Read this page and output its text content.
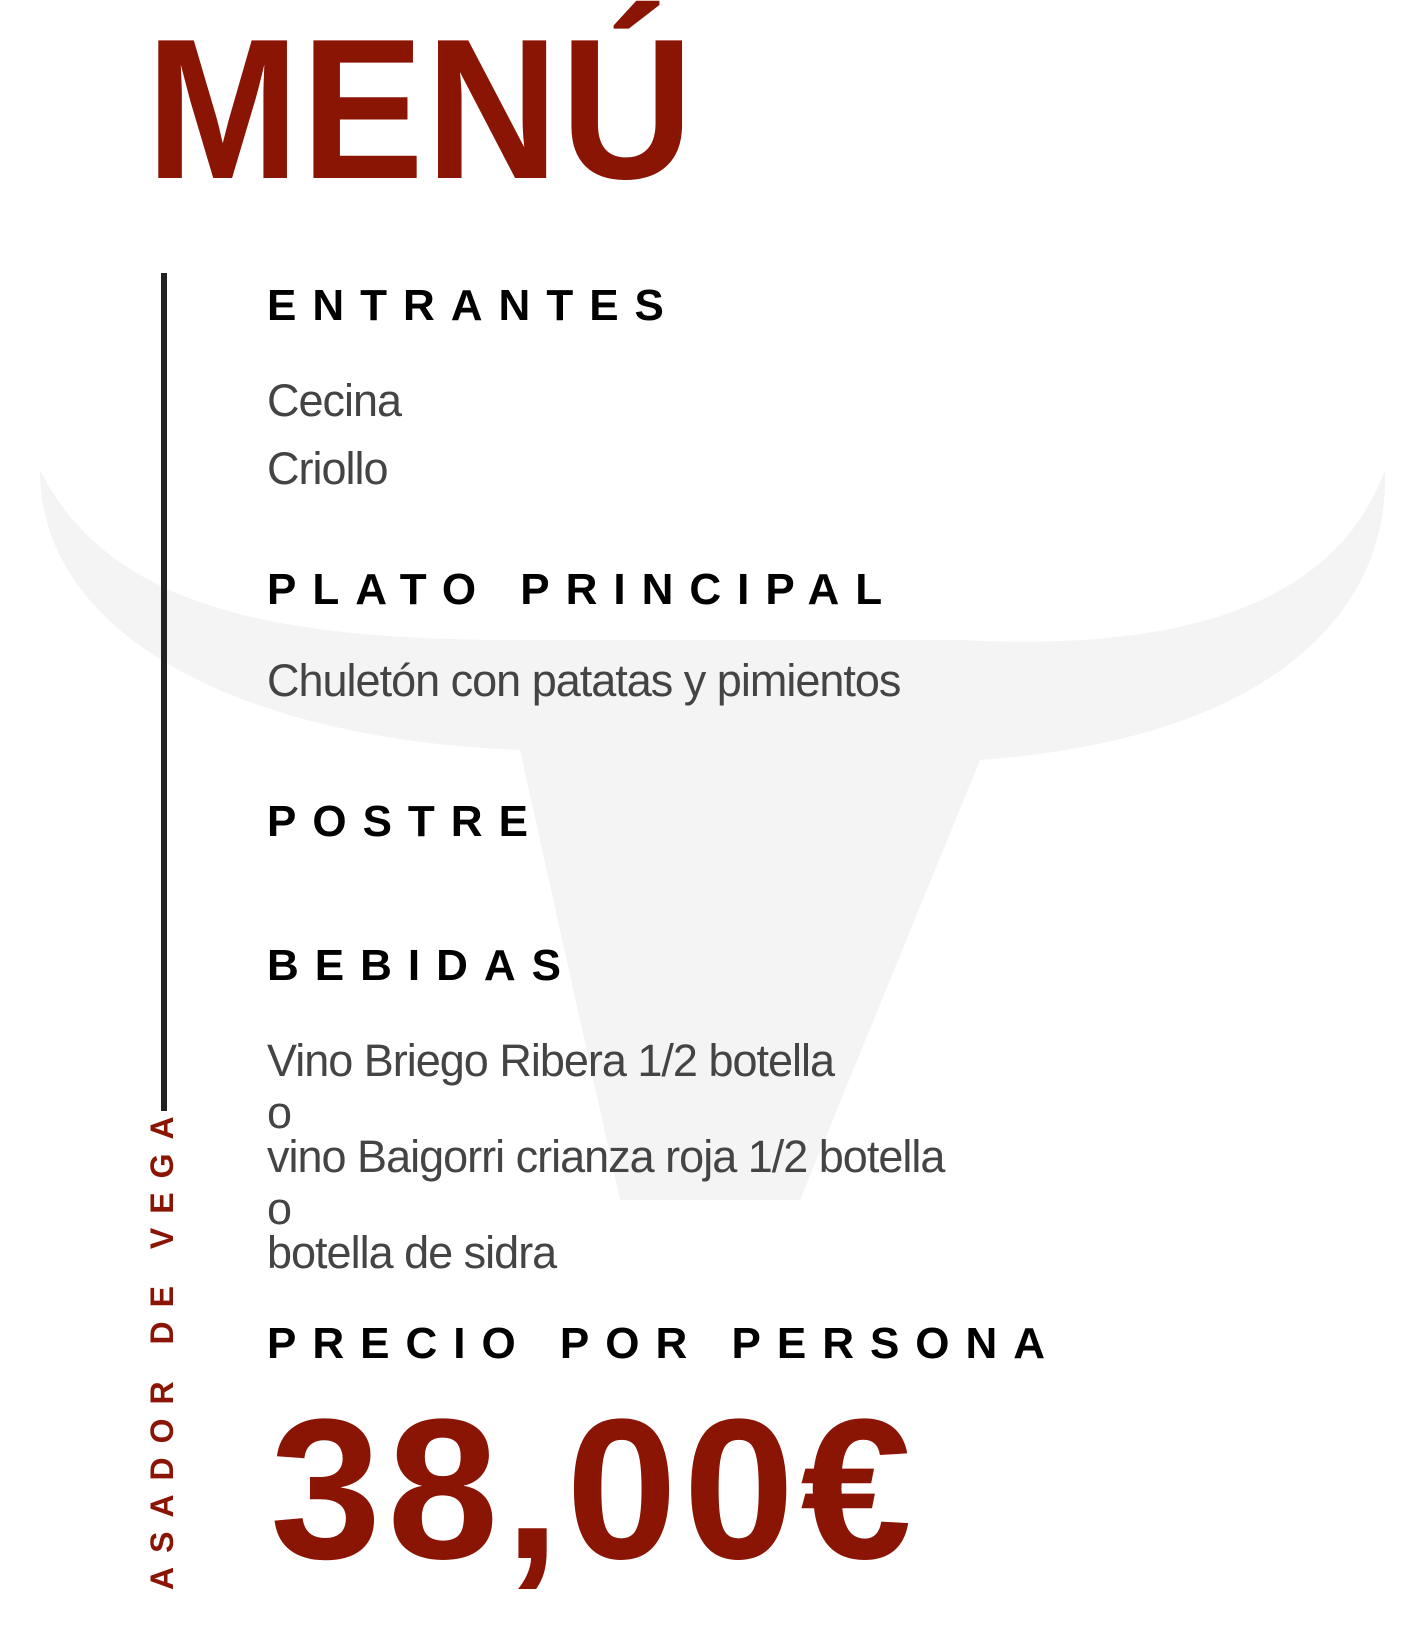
MENÚ
ASADOR DE VEGA
ENTRANTES
Cecina
Criollo
PLATO PRINCIPAL
Chuletón con patatas y pimientos
POSTRE
BEBIDAS
Vino Briego Ribera 1/2 botella
o
vino Baigorri crianza roja 1/2 botella
o
botella de sidra
PRECIO POR PERSONA
38,00€
